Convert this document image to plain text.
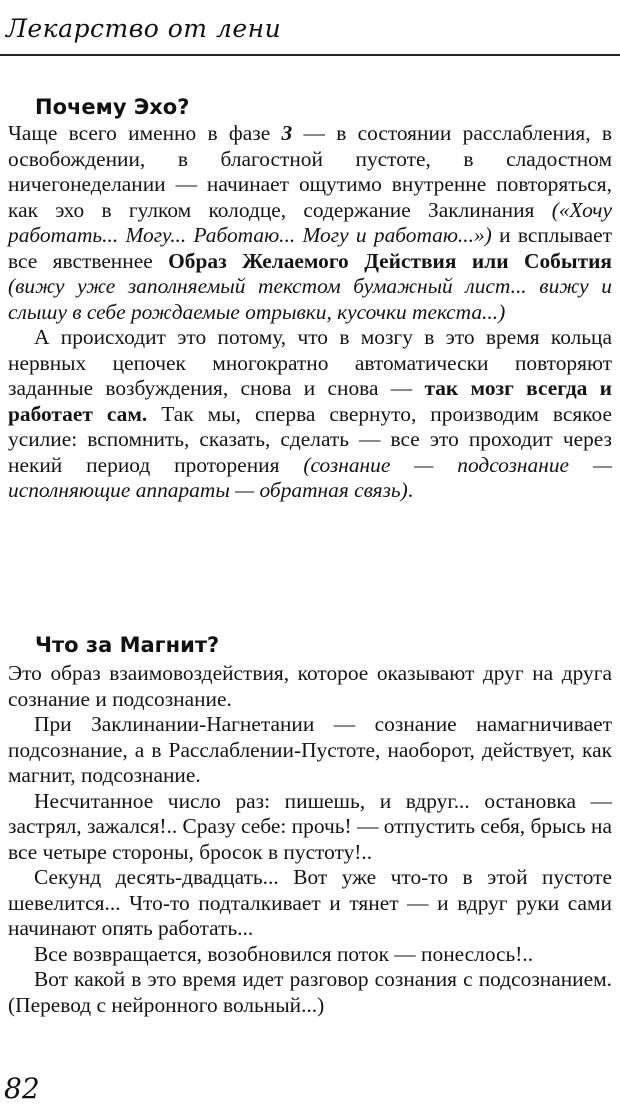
Лекарство от лени
Почему Эхо?

Чаще всего именно в фазе 3 — в состоянии расслабления, в освобождении, в благостной пустоте, в сладостном ничегонеделании — начинает ощутимо внутренне повторяться, как эхо в гулком колодце, содержание Заклинания («Хочу работать... Могу... Работаю... Могу и работаю...») и всплывает все явственнее Образ Желаемого Действия или События (вижу уже заполняемый текстом бумажный лист... вижу и слышу в себе рождаемые отрывки, кусочки текста...)

А происходит это потому, что в мозгу в это время кольца нервных цепочек многократно автоматически повторяют заданные возбуждения, снова и снова — так мозг всегда и работает сам. Так мы, сперва свернуто, производим всякое усилие: вспомнить, сказать, сделать — все это проходит через некий период проторения (сознание — подсознание — исполняющие аппараты — обратная связь).

Что за Магнит?

Это образ взаимовоздействия, которое оказывают друг на друга сознание и подсознание.

При Заклинании-Нагнетании — сознание намагничивает подсознание, а в Расслаблении-Пустоте, наоборот, действует, как магнит, подсознание.

Несчитанное число раз: пишешь, и вдруг... остановка — застрял, зажался!.. Сразу себе: прочь! — отпустить себя, брысь на все четыре стороны, бросок в пустоту!..

Секунд десять-двадцать... Вот уже что-то в этой пустоте шевелится... Что-то подталкивает и тянет — и вдруг руки сами начинают опять работать...

Все возвращается, возобновился поток — понеслось!..

Вот какой в это время идет разговор сознания с подсознанием. (Перевод с нейронного вольный...)

82
